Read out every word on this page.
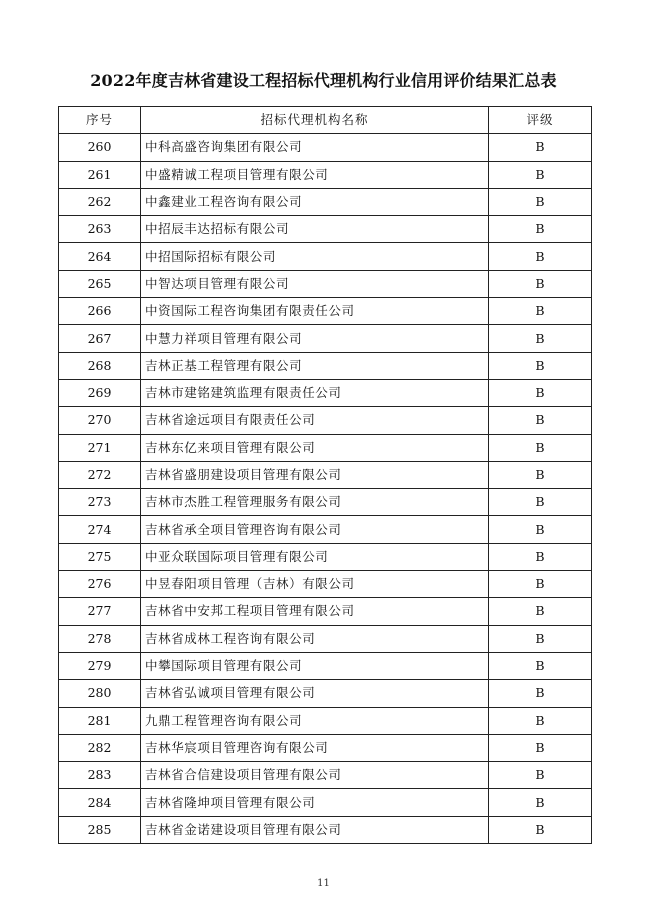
2022年度吉林省建设工程招标代理机构行业信用评价结果汇总表
序号	招标代理机构名称	评级
260	中科高盛咨询集团有限公司	B
261	中盛精诚工程项目管理有限公司	B
262	中鑫建业工程咨询有限公司	B
263	中招辰丰达招标有限公司	B
264	中招国际招标有限公司	B
265	中智达项目管理有限公司	B
266	中资国际工程咨询集团有限责任公司	B
267	中慧力祥项目管理有限公司	B
268	吉林正基工程管理有限公司	B
269	吉林市建铭建筑监理有限责任公司	B
270	吉林省途远项目有限责任公司	B
271	吉林东亿来项目管理有限公司	B
272	吉林省盛朋建设项目管理有限公司	B
273	吉林市杰胜工程管理服务有限公司	B
274	吉林省承全项目管理咨询有限公司	B
275	中亚众联国际项目管理有限公司	B
276	中昱春阳项目管理（吉林）有限公司	B
277	吉林省中安邦工程项目管理有限公司	B
278	吉林省成林工程咨询有限公司	B
279	中攀国际项目管理有限公司	B
280	吉林省弘诚项目管理有限公司	B
281	九鼎工程管理咨询有限公司	B
282	吉林华宸项目管理咨询有限公司	B
283	吉林省合信建设项目管理有限公司	B
284	吉林省隆坤项目管理有限公司	B
285	吉林省金诺建设项目管理有限公司	B
11
